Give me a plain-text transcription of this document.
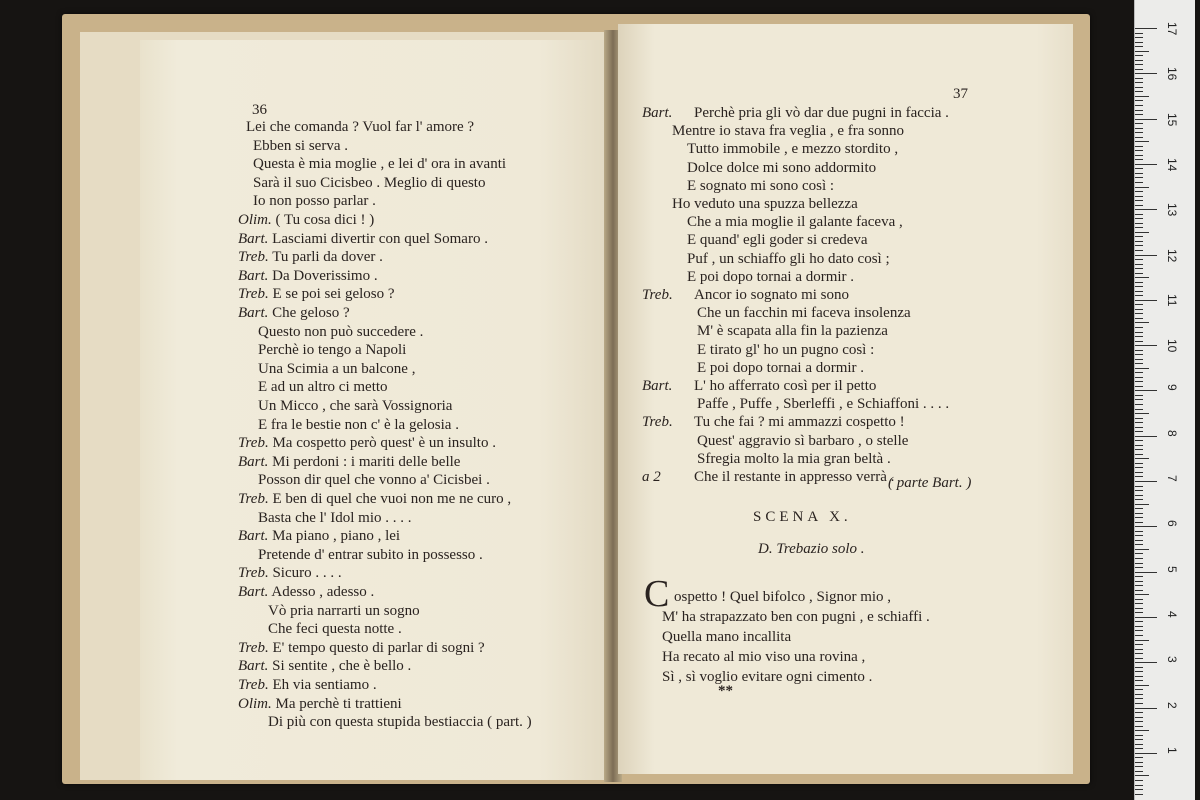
36
Lei che comanda ? Vuol far l' amore ?
Ebben si serva .
Questa è mia moglie , e lei d' ora in avanti
Sarà il suo Cicisbeo . Meglio di questo
Io non posso parlar .
Olim. ( Tu cosa dici ! )
Bart. Lasciami divertir con quel Somaro .
Treb. Tu parli da dover .
Bart. Da Doverissimo .
Treb. E se poi sei geloso ?
Bart. Che geloso ?
Questo non può succedere .
Perchè io tengo a Napoli
Una Scimia a un balcone ,
E ad un altro ci metto
Un Micco , che sarà Vossignoria
E fra le bestie non c' è la gelosia .
Treb. Ma cospetto però quest' è un insulto .
Bart. Mi perdoni : i mariti delle belle
Posson dir quel che vonno a' Cicisbei .
Treb. E ben di quel che vuoi non me ne curo ,
Basta che l' Idol mio . . . .
Bart. Ma piano , piano , lei
Pretende d' entrar subito in possesso .
Treb. Sicuro . . . .
Bart. Adesso , adesso .
Vò pria narrarti un sogno
Che feci questa notte .
Treb. E' tempo questo di parlar di sogni ?
Bart. Si sentite , che è bello .
Treb. Eh via sentiamo .
Olim. Ma perchè ti trattieni
Di più con questa stupida bestiaccia ( part. )
37
Bart. Perchè pria gli vò dar due pugni in faccia .
Mentre io stava fra veglia , e fra sonno
Tutto immobile , e mezzo stordito ,
Dolce dolce mi sono addormito
E sognato mi sono così :
Ho veduto una spuzza bellezza
Che a mia moglie il galante faceva ,
E quand' egli goder si credeva
Puf , un schiaffo gli ho dato così ;
E poi dopo tornai a dormir .
Treb. Ancor io sognato mi sono
Che un facchin mi faceva insolenza
M' è scapata alla fin la pazienza
E tirato gl' ho un pugno così :
E poi dopo tornai a dormir .
Bart. L' ho afferrato così per il petto
Paffe , Puffe , Sberleffi , e Schiaffoni . . . .
Treb. Tu che fai ? mi ammazzi cospetto !
Quest' aggravio sì barbaro , o stelle
Sfregia molto la mia gran beltà .
a 2 Che il restante in appresso verrà .
( parte Bart. )
SCENA X.
D. Trebazio solo .
C ospetto ! Quel bifolco , Signor mio ,
M' ha strapazzato ben con pugni , e schiaffi .
Quella mano incallita
Ha recato al mio viso una rovina ,
Sì , sì voglio evitare ogni cimento .
**
17
16
15
14
13
12
11
10
9
8
7
6
5
4
3
2
1
